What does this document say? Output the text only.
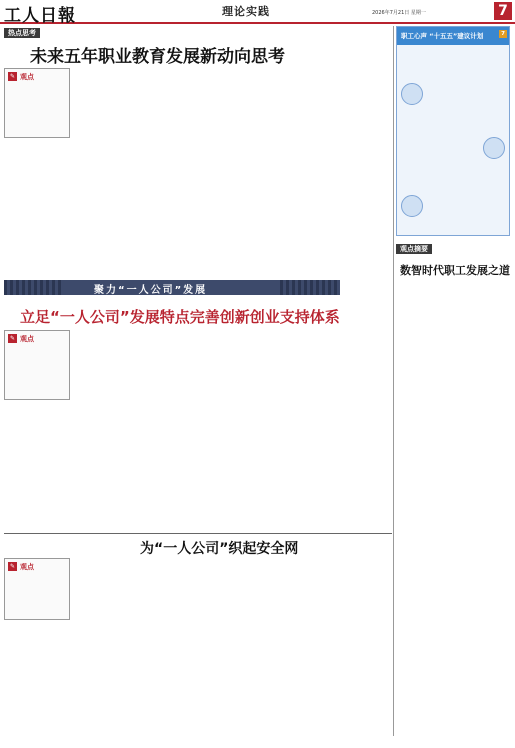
工人日報	理论实践	2026年7月21日 星期一	7
热点思考
未来五年职业教育发展新动向思考
✎ 观点
职工心声 “十五五”建议计划	7
观点摘要
数智时代职工发展之道
聚力“一人公司”发展
立足“一人公司”发展特点完善创新创业支持体系
✎ 观点
为“一人公司”织起安全网
✎ 观点
